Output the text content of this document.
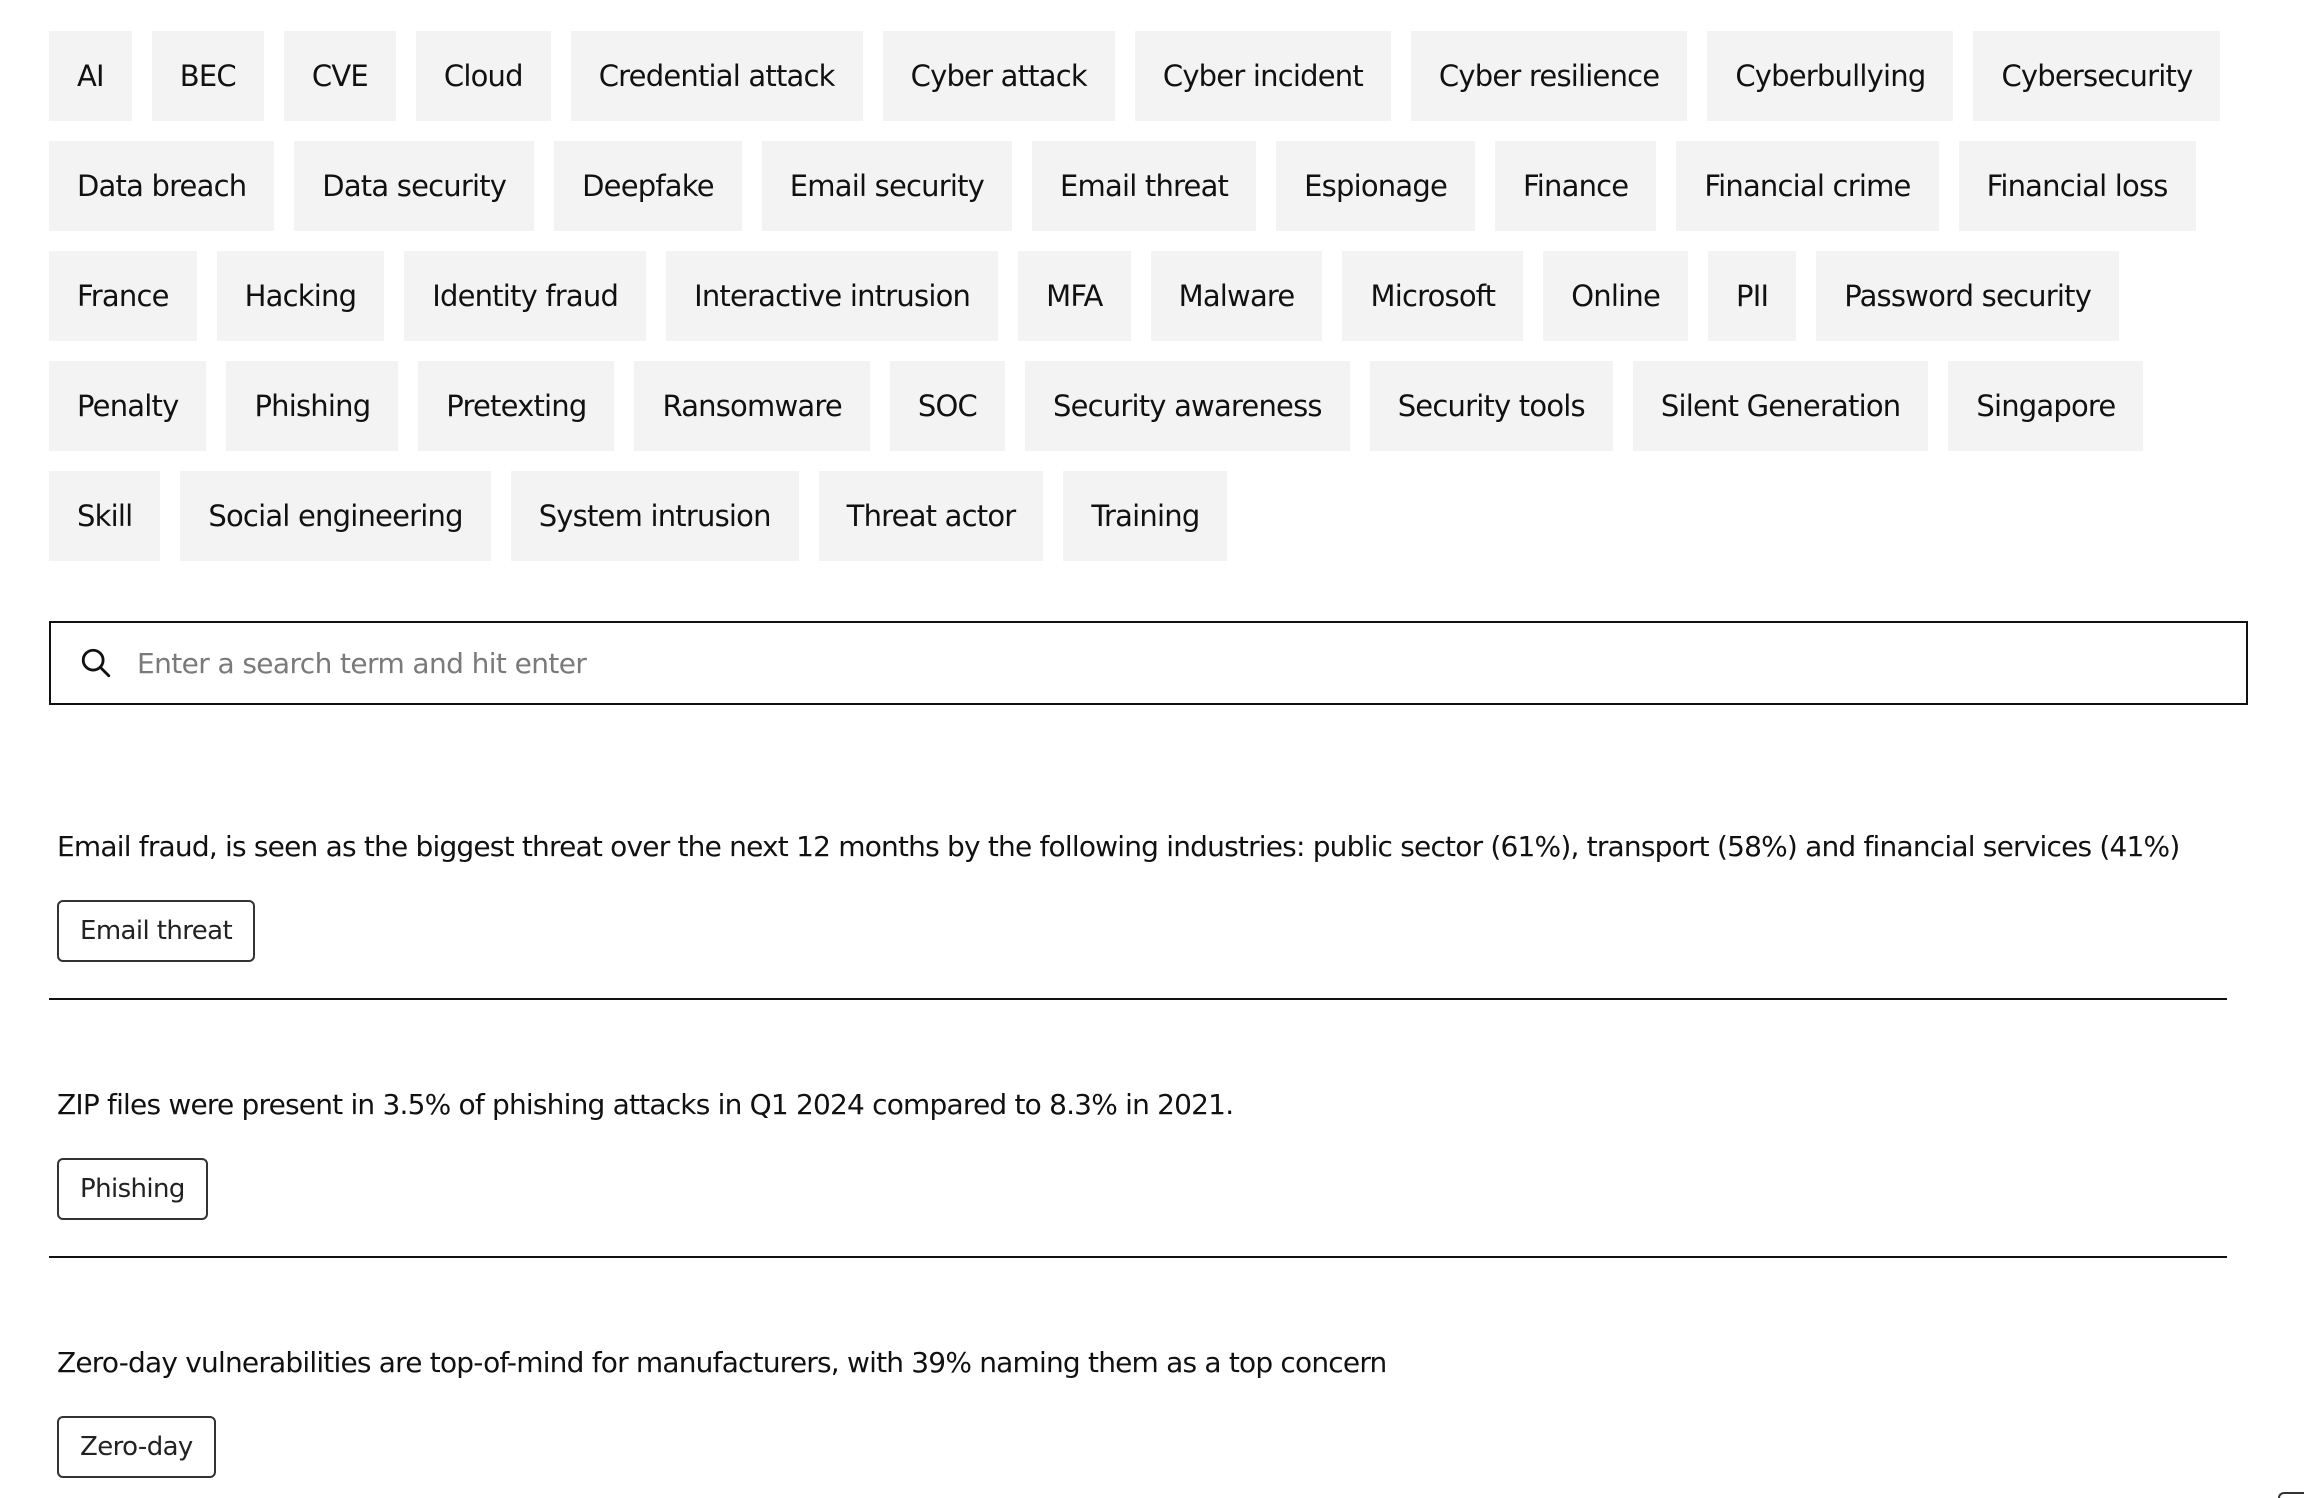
AI	BEC	CVE	Cloud	Credential attack	Cyber attack	Cyber incident	Cyber resilience	Cyberbullying	Cybersecurity
Data breach	Data security	Deepfake	Email security	Email threat	Espionage	Finance	Financial crime	Financial loss
France	Hacking	Identity fraud	Interactive intrusion	MFA	Malware	Microsoft	Online	PII	Password security
Penalty	Phishing	Pretexting	Ransomware	SOC	Security awareness	Security tools	Silent Generation	Singapore
Skill	Social engineering	System intrusion	Threat actor	Training
Enter a search term and hit enter
Email fraud, is seen as the biggest threat over the next 12 months by the following industries: public sector (61%), transport (58%) and financial services (41%)
Email threat
ZIP files were present in 3.5% of phishing attacks in Q1 2024 compared to 8.3% in 2021.
Phishing
Zero-day vulnerabilities are top-of-mind for manufacturers, with 39% naming them as a top concern
Zero-day
